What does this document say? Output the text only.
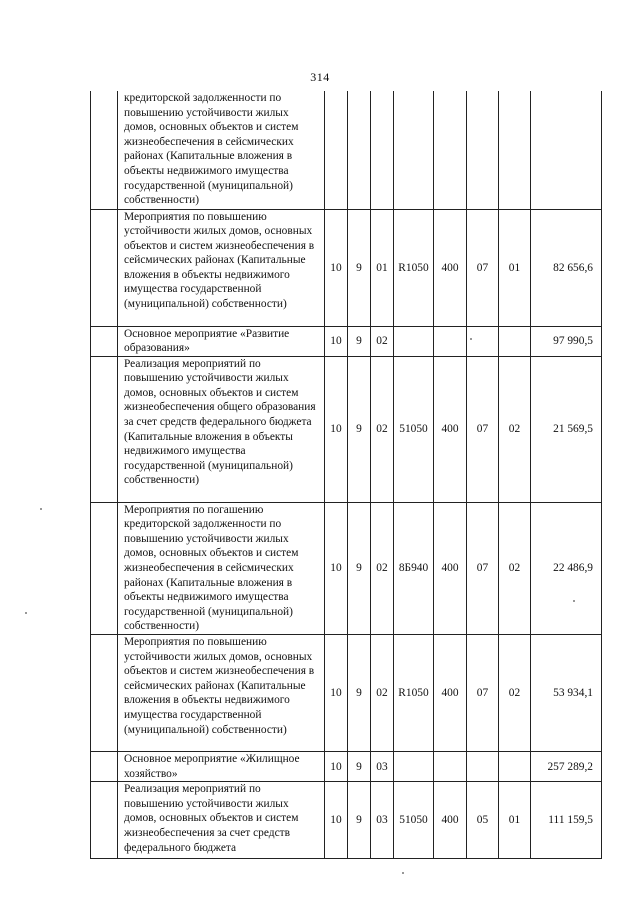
314
	кредиторской задолженности по повышению устойчивости жилых домов, основных объектов и систем жизнеобеспечения в сейсмических районах (Капитальные вложения в объекты недвижимого имущества государственной (муниципальной) собственности)								
	Мероприятия по повышению устойчивости жилых домов, основных объектов и систем жизнеобеспечения в сейсмических районах (Капитальные вложения в объекты недвижимого имущества государственной (муниципальной) собственности)	10	9	01	R1050	400	07	01	82 656,6
	Основное мероприятие «Развитие образования»	10	9	02					97 990,5
	Реализация мероприятий по повышению устойчивости жилых домов, основных объектов и систем жизнеобеспечения общего образования за счет средств федерального бюджета (Капитальные вложения в объекты недвижимого имущества государственной (муниципальной) собственности)	10	9	02	51050	400	07	02	21 569,5
	Мероприятия по погашению кредиторской задолженности по повышению устойчивости жилых домов, основных объектов и систем жизнеобеспечения в сейсмических районах (Капитальные вложения в объекты недвижимого имущества государственной (муниципальной) собственности)	10	9	02	8Б940	400	07	02	22 486,9
	Мероприятия по повышению устойчивости жилых домов, основных объектов и систем жизнеобеспечения в сейсмических районах (Капитальные вложения в объекты недвижимого имущества государственной (муниципальной) собственности)	10	9	02	R1050	400	07	02	53 934,1
	Основное мероприятие «Жилищное хозяйство»	10	9	03					257 289,2
	Реализация мероприятий по повышению устойчивости жилых домов, основных объектов и систем жизнеобеспечения за счет средств федерального бюджета	10	9	03	51050	400	05	01	111 159,5
